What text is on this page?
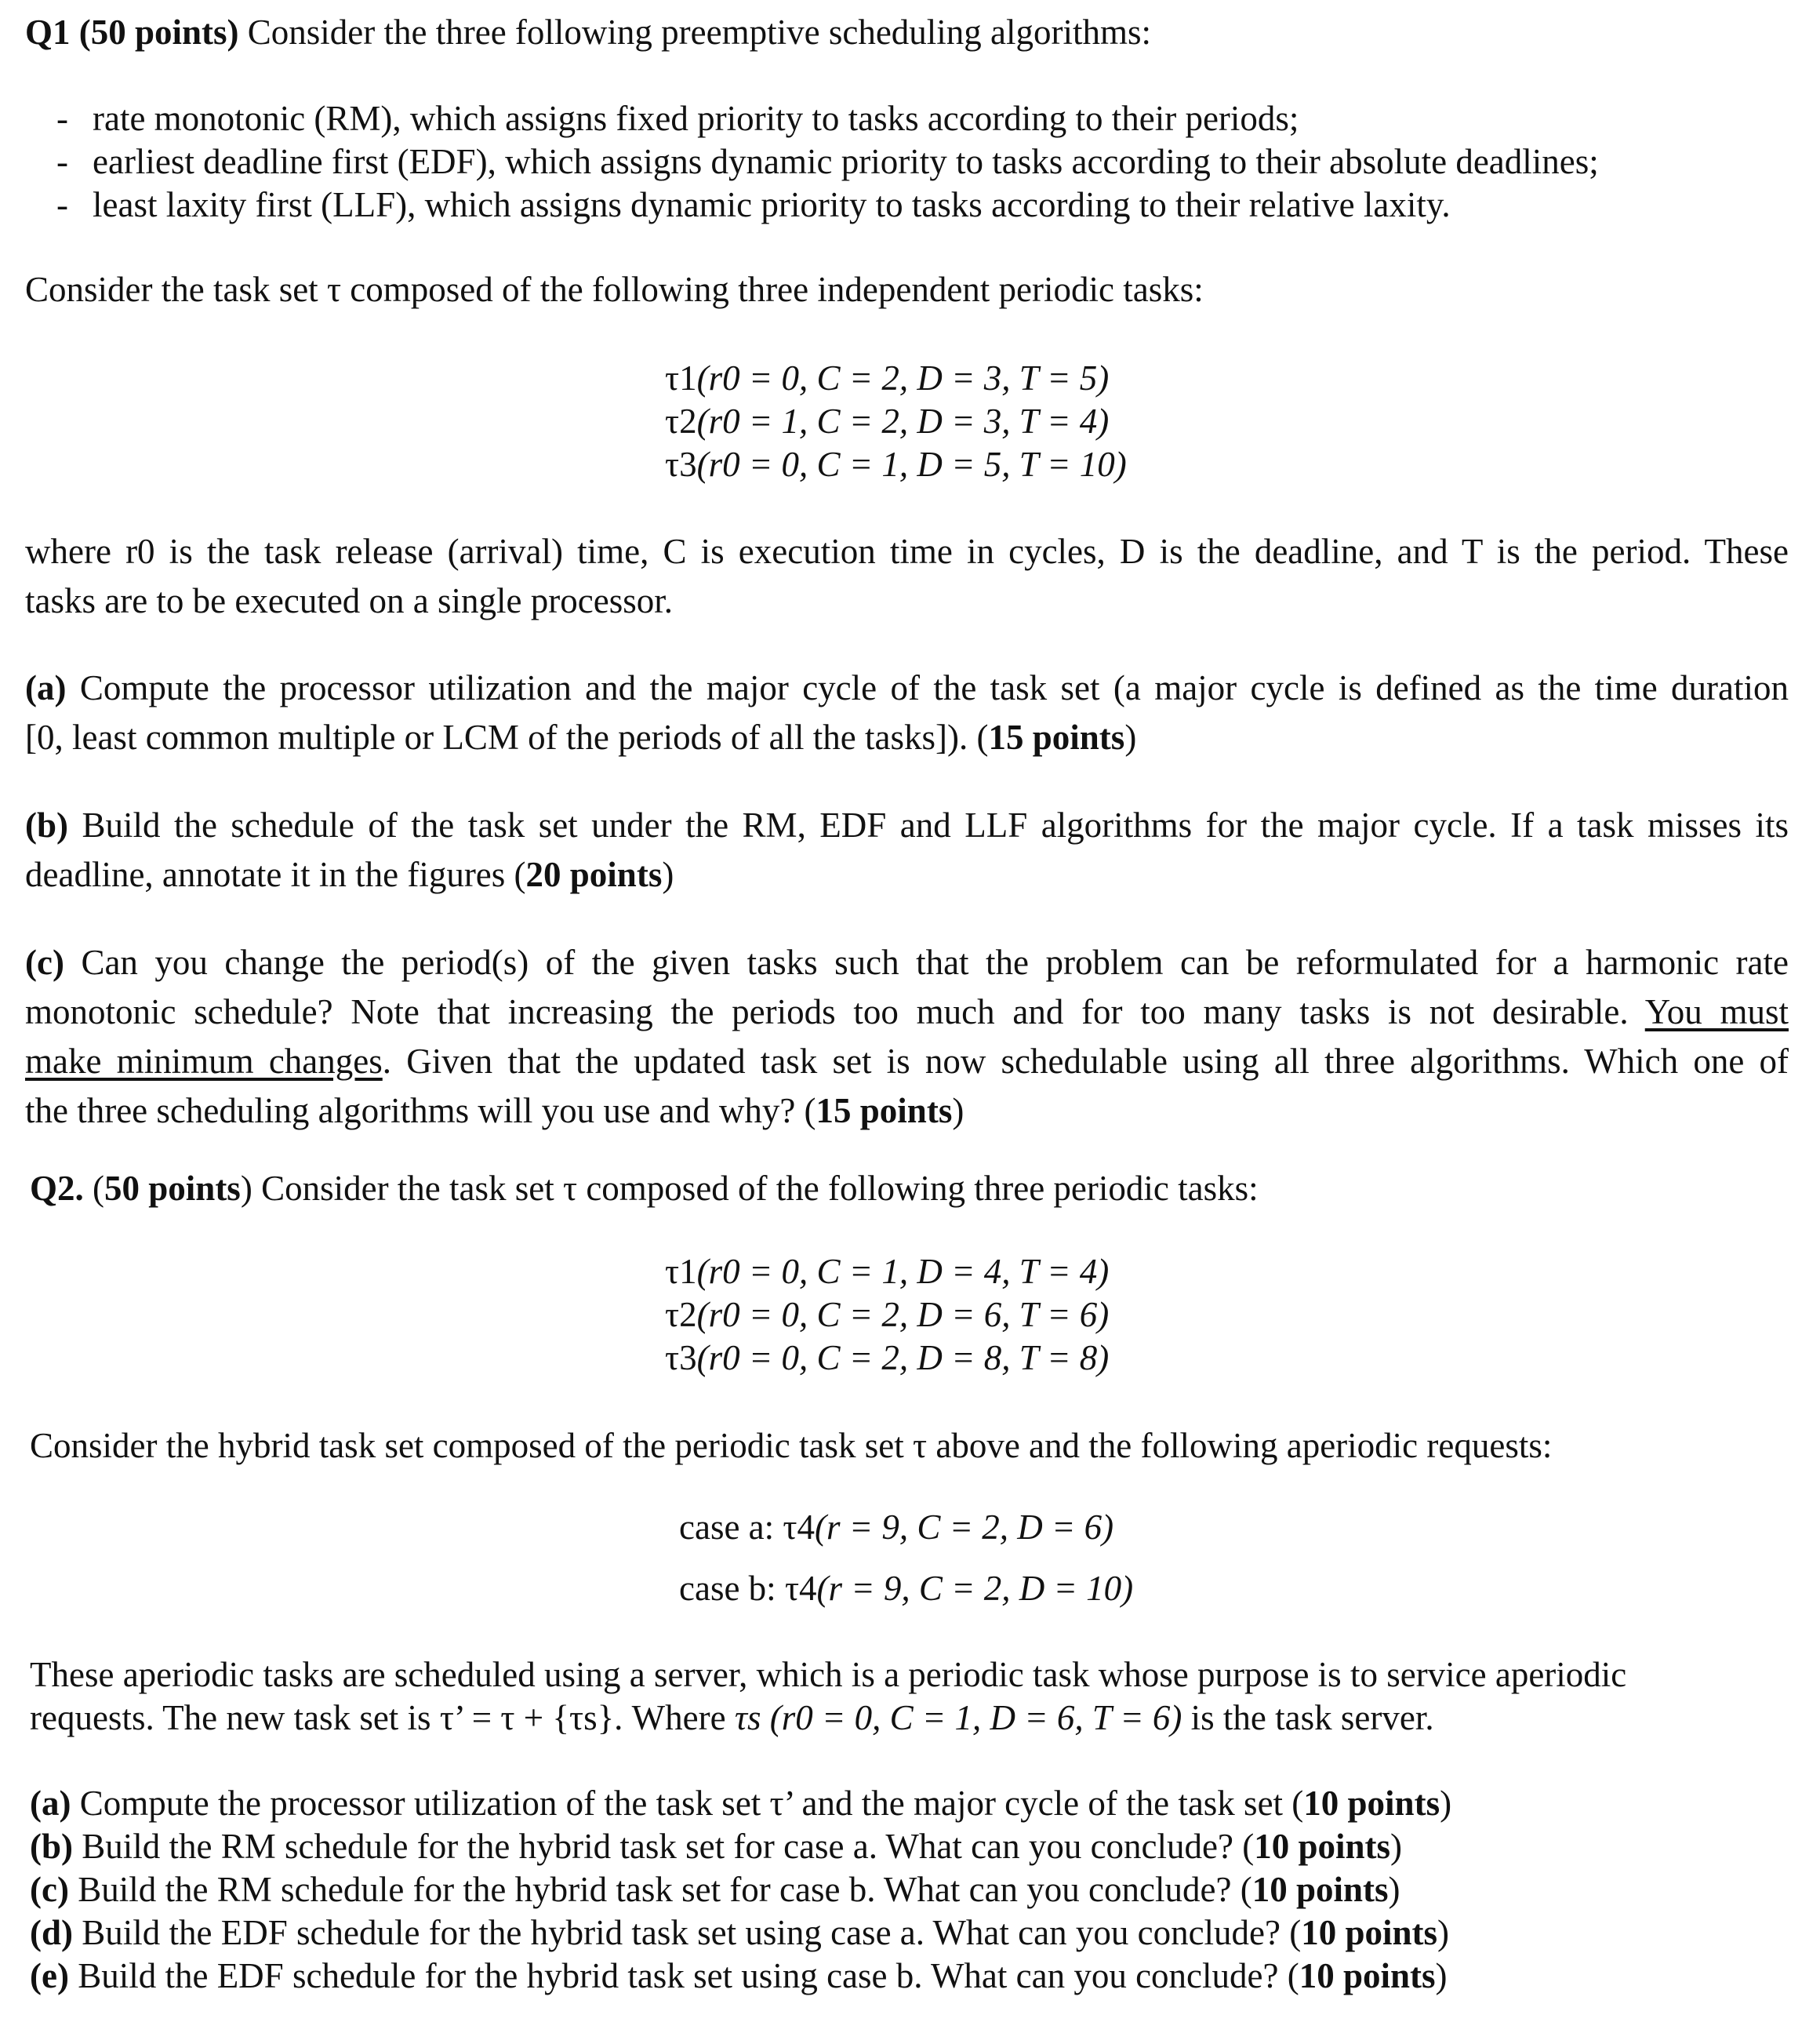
Q1 (50 points) Consider the three following preemptive scheduling algorithms:
- rate monotonic (RM), which assigns fixed priority to tasks according to their periods;
- earliest deadline first (EDF), which assigns dynamic priority to tasks according to their absolute deadlines;
- least laxity first (LLF), which assigns dynamic priority to tasks according to their relative laxity.
Consider the task set τ composed of the following three independent periodic tasks:
τ1(r0 = 0, C = 2, D = 3, T = 5)
τ2(r0 = 1, C = 2, D = 3, T = 4)
τ3(r0 = 0, C = 1, D = 5, T = 10)
where r0 is the task release (arrival) time, C is execution time in cycles, D is the deadline, and T is the period. These
tasks are to be executed on a single processor.
(a) Compute the processor utilization and the major cycle of the task set (a major cycle is defined as the time duration
[0, least common multiple or LCM of the periods of all the tasks]). (15 points)
(b) Build the schedule of the task set under the RM, EDF and LLF algorithms for the major cycle. If a task misses its
deadline, annotate it in the figures (20 points)
(c) Can you change the period(s) of the given tasks such that the problem can be reformulated for a harmonic rate
monotonic schedule? Note that increasing the periods too much and for too many tasks is not desirable. You must
make minimum changes. Given that the updated task set is now schedulable using all three algorithms. Which one of
the three scheduling algorithms will you use and why? (15 points)
Q2. (50 points) Consider the task set τ composed of the following three periodic tasks:
τ1(r0 = 0, C = 1, D = 4, T = 4)
τ2(r0 = 0, C = 2, D = 6, T = 6)
τ3(r0 = 0, C = 2, D = 8, T = 8)
Consider the hybrid task set composed of the periodic task set τ above and the following aperiodic requests:
case a: τ4(r = 9, C = 2, D = 6)
case b: τ4(r = 9, C = 2, D = 10)
These aperiodic tasks are scheduled using a server, which is a periodic task whose purpose is to service aperiodic
requests. The new task set is τ’ = τ + {τs}. Where τs (r0 = 0, C = 1, D = 6, T = 6) is the task server.
(a) Compute the processor utilization of the task set τ’ and the major cycle of the task set (10 points)
(b) Build the RM schedule for the hybrid task set for case a. What can you conclude? (10 points)
(c) Build the RM schedule for the hybrid task set for case b. What can you conclude? (10 points)
(d) Build the EDF schedule for the hybrid task set using case a. What can you conclude? (10 points)
(e) Build the EDF schedule for the hybrid task set using case b. What can you conclude? (10 points)
